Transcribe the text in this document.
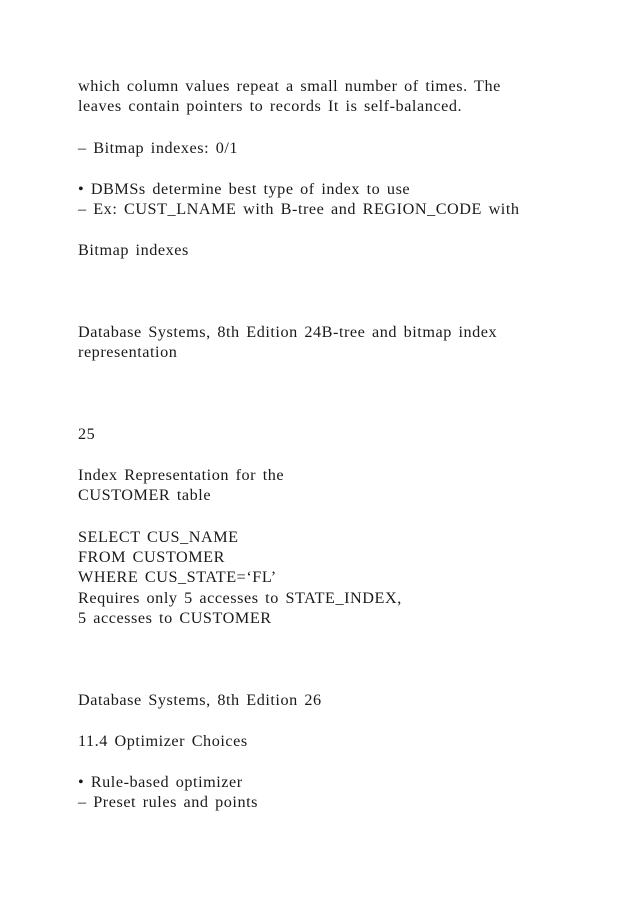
which column values repeat a small number of times. The
leaves contain pointers to records It is self-balanced.
– Bitmap indexes: 0/1
• DBMSs determine best type of index to use
– Ex: CUST_LNAME with B-tree and REGION_CODE with
Bitmap indexes
Database Systems, 8th Edition 24B-tree and bitmap index
representation
25
Index Representation for the
CUSTOMER table
SELECT CUS_NAME
FROM CUSTOMER
WHERE CUS_STATE=‘FL’
Requires only 5 accesses to STATE_INDEX,
5 accesses to CUSTOMER
Database Systems, 8th Edition 26
11.4 Optimizer Choices
• Rule-based optimizer
– Preset rules and points
